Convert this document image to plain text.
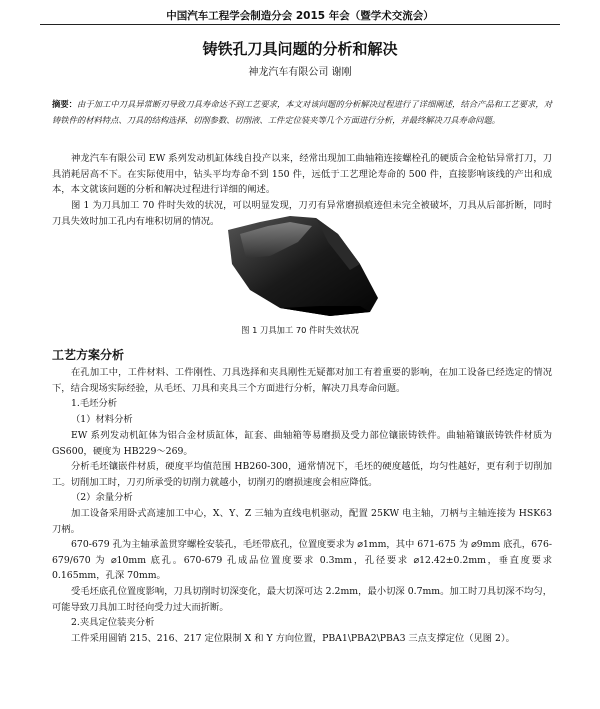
中国汽车工程学会制造分会 2015 年会（暨学术交流会）
铸铁孔刀具问题的分析和解决
神龙汽车有限公司 谢刚
摘要：由于加工中刀具异常断刃导致刀具寿命达不到工艺要求，本文对该问题的分析解决过程进行了详细阐述，结合产品和工艺要求，对铸铁件的材料特点、刀具的结构选择、切削参数、切削液、工件定位装夹等几个方面进行分析，并最终解决刀具寿命问题。

神龙汽车有限公司 EW 系列发动机缸体线自投产以来，经常出现加工曲轴箱连接螺栓孔的硬质合金枪钻异常打刀，刀具消耗居高不下。在实际使用中，钻头平均寿命不到 150 件，远低于工艺理论寿命的 500 件，直接影响该线的产出和成本，本文就该问题的分析和解决过程进行详细的阐述。

图 1 为刀具加工 70 件时失效的状况，可以明显发现，刀刃有异常磨损痕迹但未完全被破坏，刀具从后部折断，同时刀具失效时加工孔内有堆积切屑的情况。

图 1 刀具加工 70 件时失效状况
工艺方案分析

在孔加工中，工件材料、工件刚性、刀具选择和夹具刚性无疑都对加工有着重要的影响，在加工设备已经选定的情况下，结合现场实际经验，从毛坯、刀具和夹具三个方面进行分析，解决刀具寿命问题。

1.毛坯分析

（1）材料分析

EW 系列发动机缸体为铝合金材质缸体，缸套、曲轴箱等易磨损及受力部位镶嵌铸铁件。曲轴箱镶嵌铸铁件材质为 GS600，硬度为 HB229～269。

分析毛坯镶嵌件材质，硬度平均值范围 HB260-300，通常情况下，毛坯的硬度越低，均匀性越好，更有利于切削加工。切削加工时，刀刃所承受的切削力就越小，切削刃的磨损速度会相应降低。

（2）余量分析

加工设备采用卧式高速加工中心，X、Y、Z 三轴为直线电机驱动，配置 25KW 电主轴，刀柄与主轴连接为 HSK63 刀柄。

670-679 孔为主轴承盖贯穿螺栓安装孔，毛坯带底孔，位置度要求为 ⌀1mm，其中 671-675 为 ⌀9mm 底孔，676-679/670 为 ⌀10mm 底孔。670-679 孔成品位置度要求 0.3mm，孔径要求 ⌀12.42±0.2mm，垂直度要求 0.165mm，孔深 70mm。

受毛坯底孔位置度影响，刀具切削时切深变化，最大切深可达 2.2mm，最小切深 0.7mm。加工时刀具切深不均匀，可能导致刀具加工时径向受力过大而折断。

2.夹具定位装夹分析

工件采用圆销 215、216、217 定位限制 X 和 Y 方向位置，PBA1\PBA2\PBA3 三点支撑定位（见图 2）。
